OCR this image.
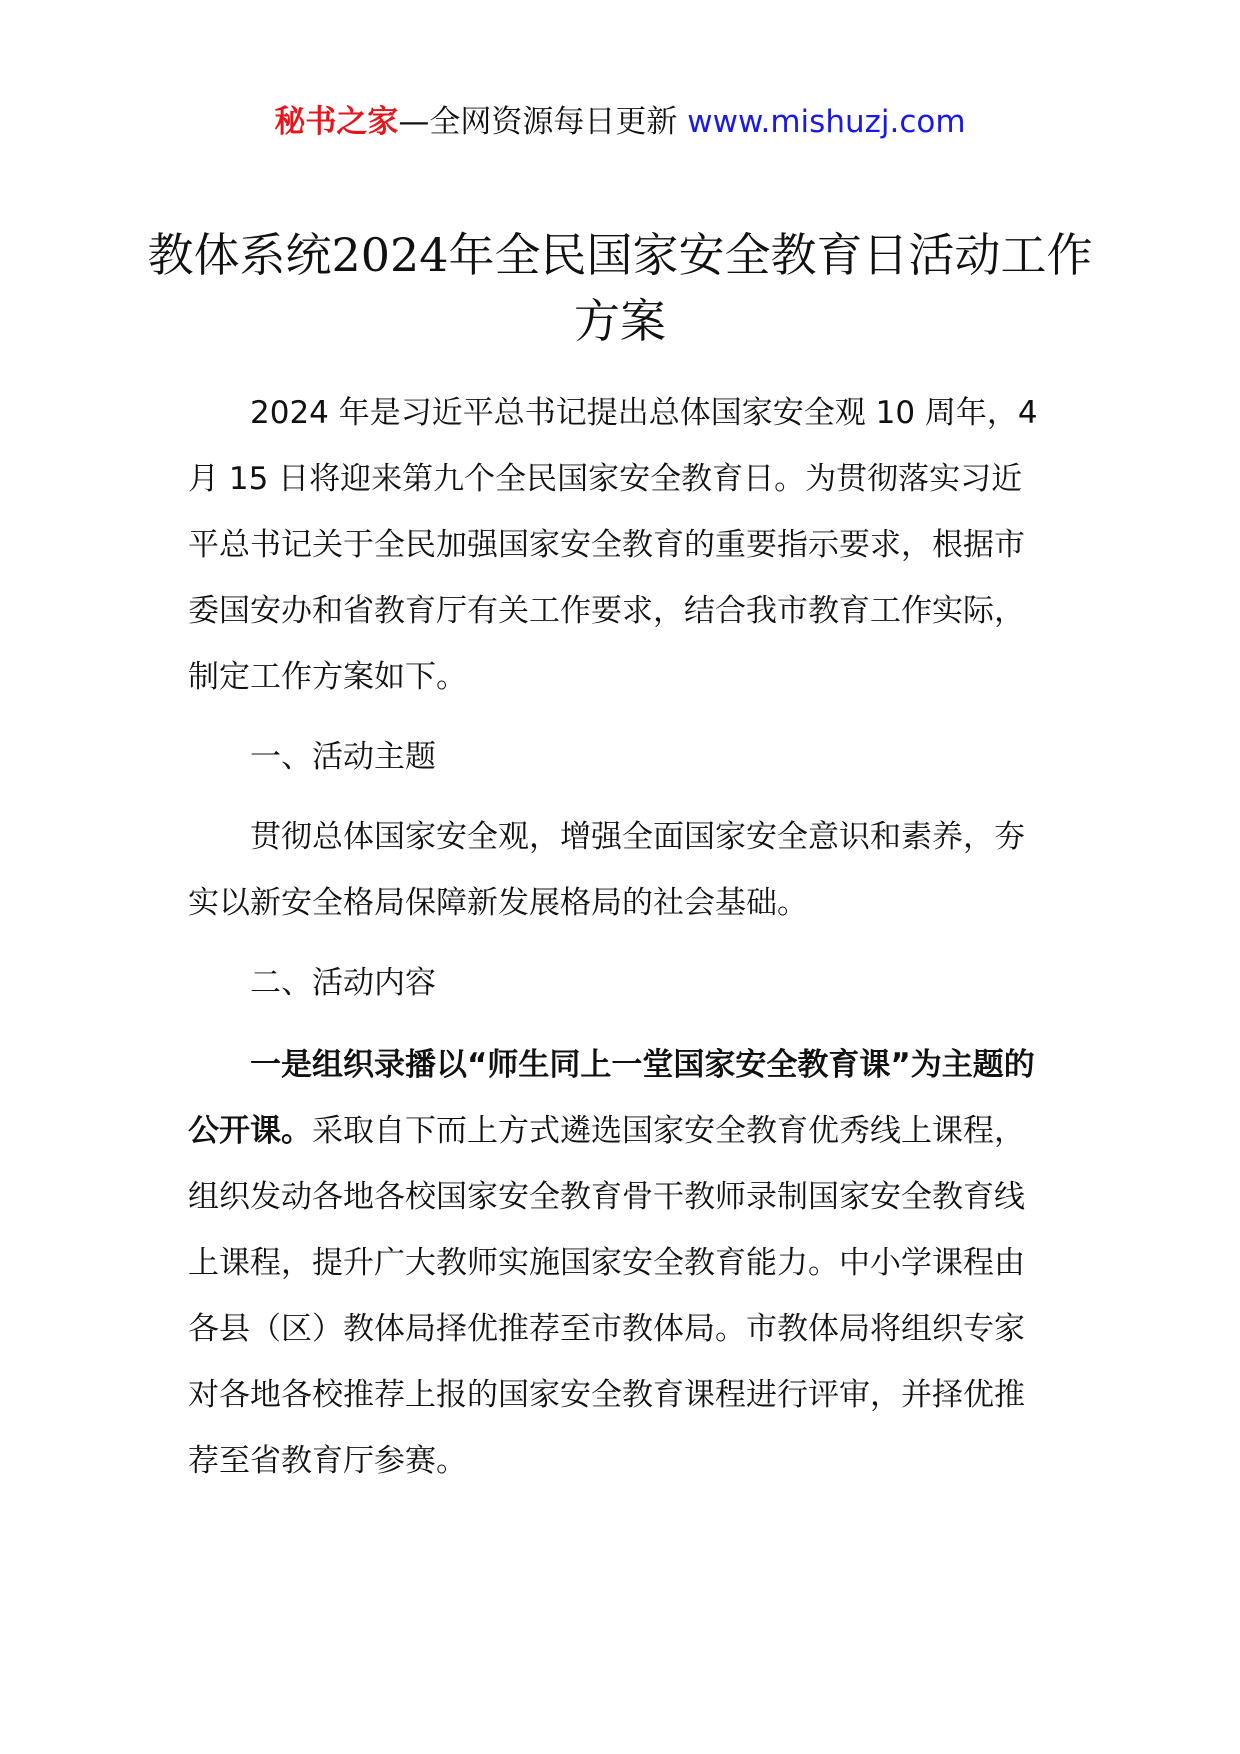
秘书之家—全网资源每日更新 www.mishuzj.com
教体系统2024年全民国家安全教育日活动工作方案

2024 年是习近平总书记提出总体国家安全观 10 周年，4 月 15 日将迎来第九个全民国家安全教育日。为贯彻落实习近平总书记关于全民加强国家安全教育的重要指示要求，根据市委国安办和省教育厅有关工作要求，结合我市教育工作实际，制定工作方案如下。

一、活动主题

贯彻总体国家安全观，增强全面国家安全意识和素养，夯实以新安全格局保障新发展格局的社会基础。

二、活动内容

一是组织录播以“师生同上一堂国家安全教育课”为主题的公开课。采取自下而上方式遴选国家安全教育优秀线上课程，组织发动各地各校国家安全教育骨干教师录制国家安全教育线上课程，提升广大教师实施国家安全教育能力。中小学课程由各县（区）教体局择优推荐至市教体局。市教体局将组织专家对各地各校推荐上报的国家安全教育课程进行评审，并择优推荐至省教育厅参赛。
